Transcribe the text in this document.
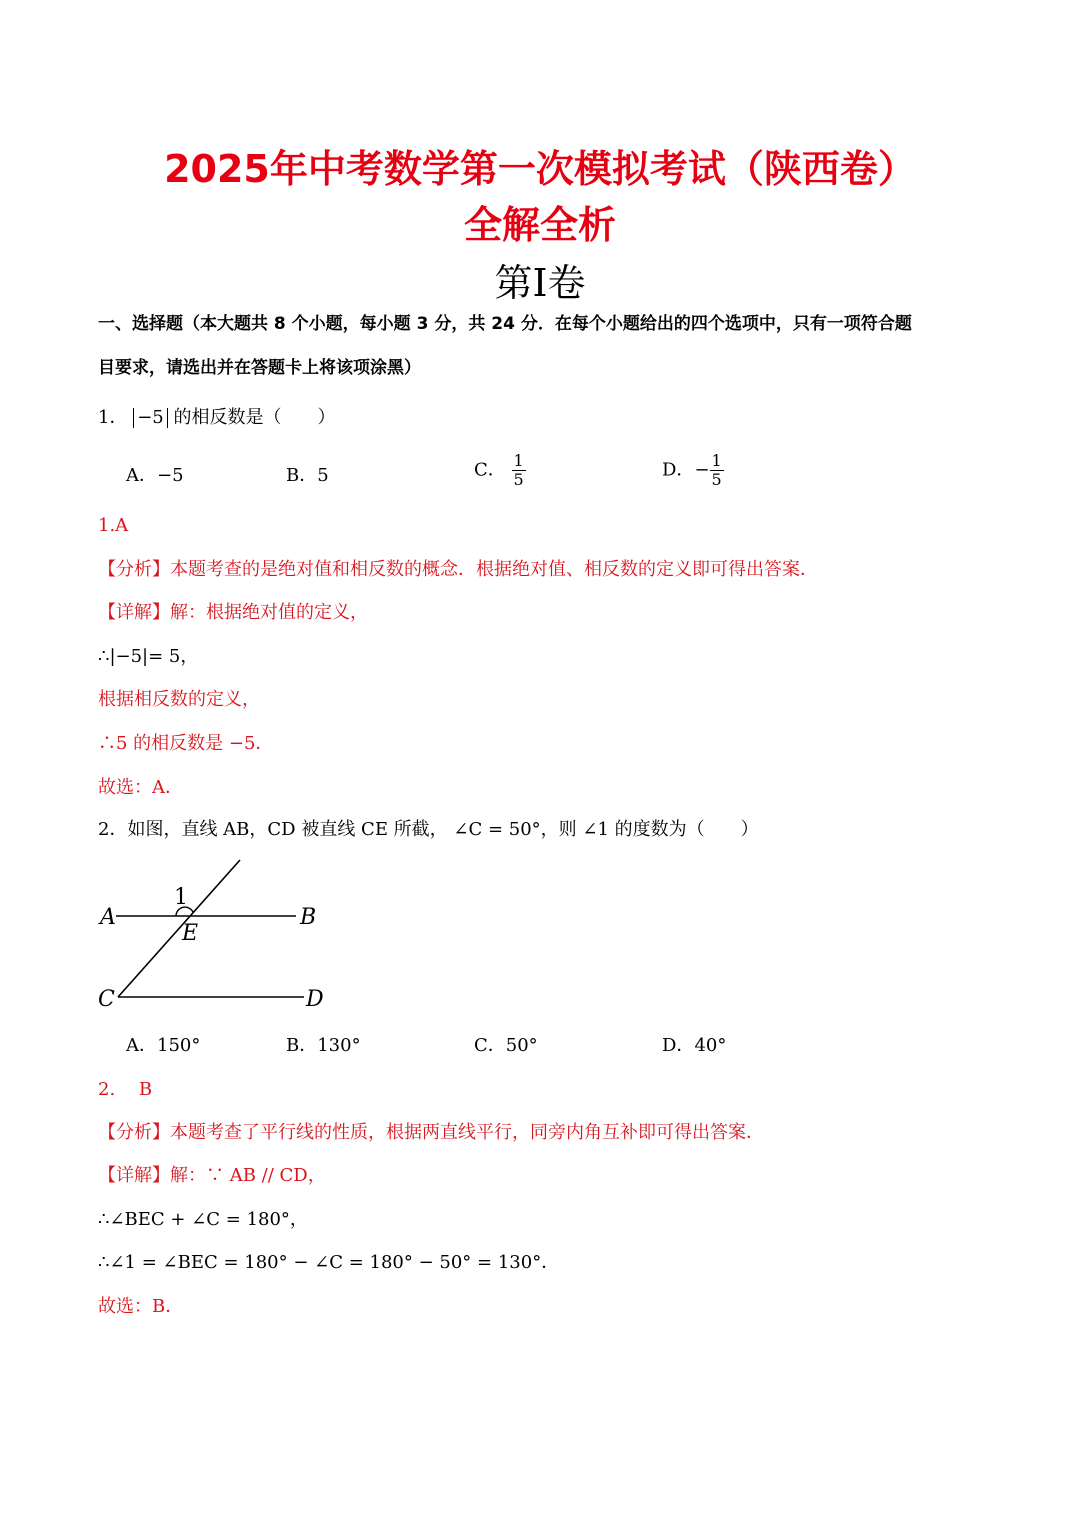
2025年中考数学第一次模拟考试（陕西卷）
全解全析
第I卷
一、选择题（本大题共 8 个小题，每小题 3 分，共 24 分．在每个小题给出的四个选项中，只有一项符合题
目要求，请选出并在答题卡上将该项涂黑）
1． −5 的相反数是（　　）
A．−5	B．5	C． $\frac{1}{5}$	D．− $\frac{1}{5}$
1.A
【分析】本题考查的是绝对值和相反数的概念．根据绝对值、相反数的定义即可得出答案．
【详解】解：根据绝对值的定义，
∴|−5|= 5，
根据相反数的定义，
∴5 的相反数是 −5．
故选：A．
2．如图，直线 AB，CD 被直线 CE 所截， ∠C = 50°，则 ∠1 的度数为（　　）
A	B
C	D
E
1
A．150°	B．130°	C．50°	D．40°
2.　 B
【分析】本题考查了平行线的性质，根据两直线平行，同旁内角互补即可得出答案．
【详解】解：∵ AB // CD，
∴∠BEC + ∠C = 180°，
∴∠1 = ∠BEC = 180° − ∠C = 180° − 50° = 130°．
故选：B．
